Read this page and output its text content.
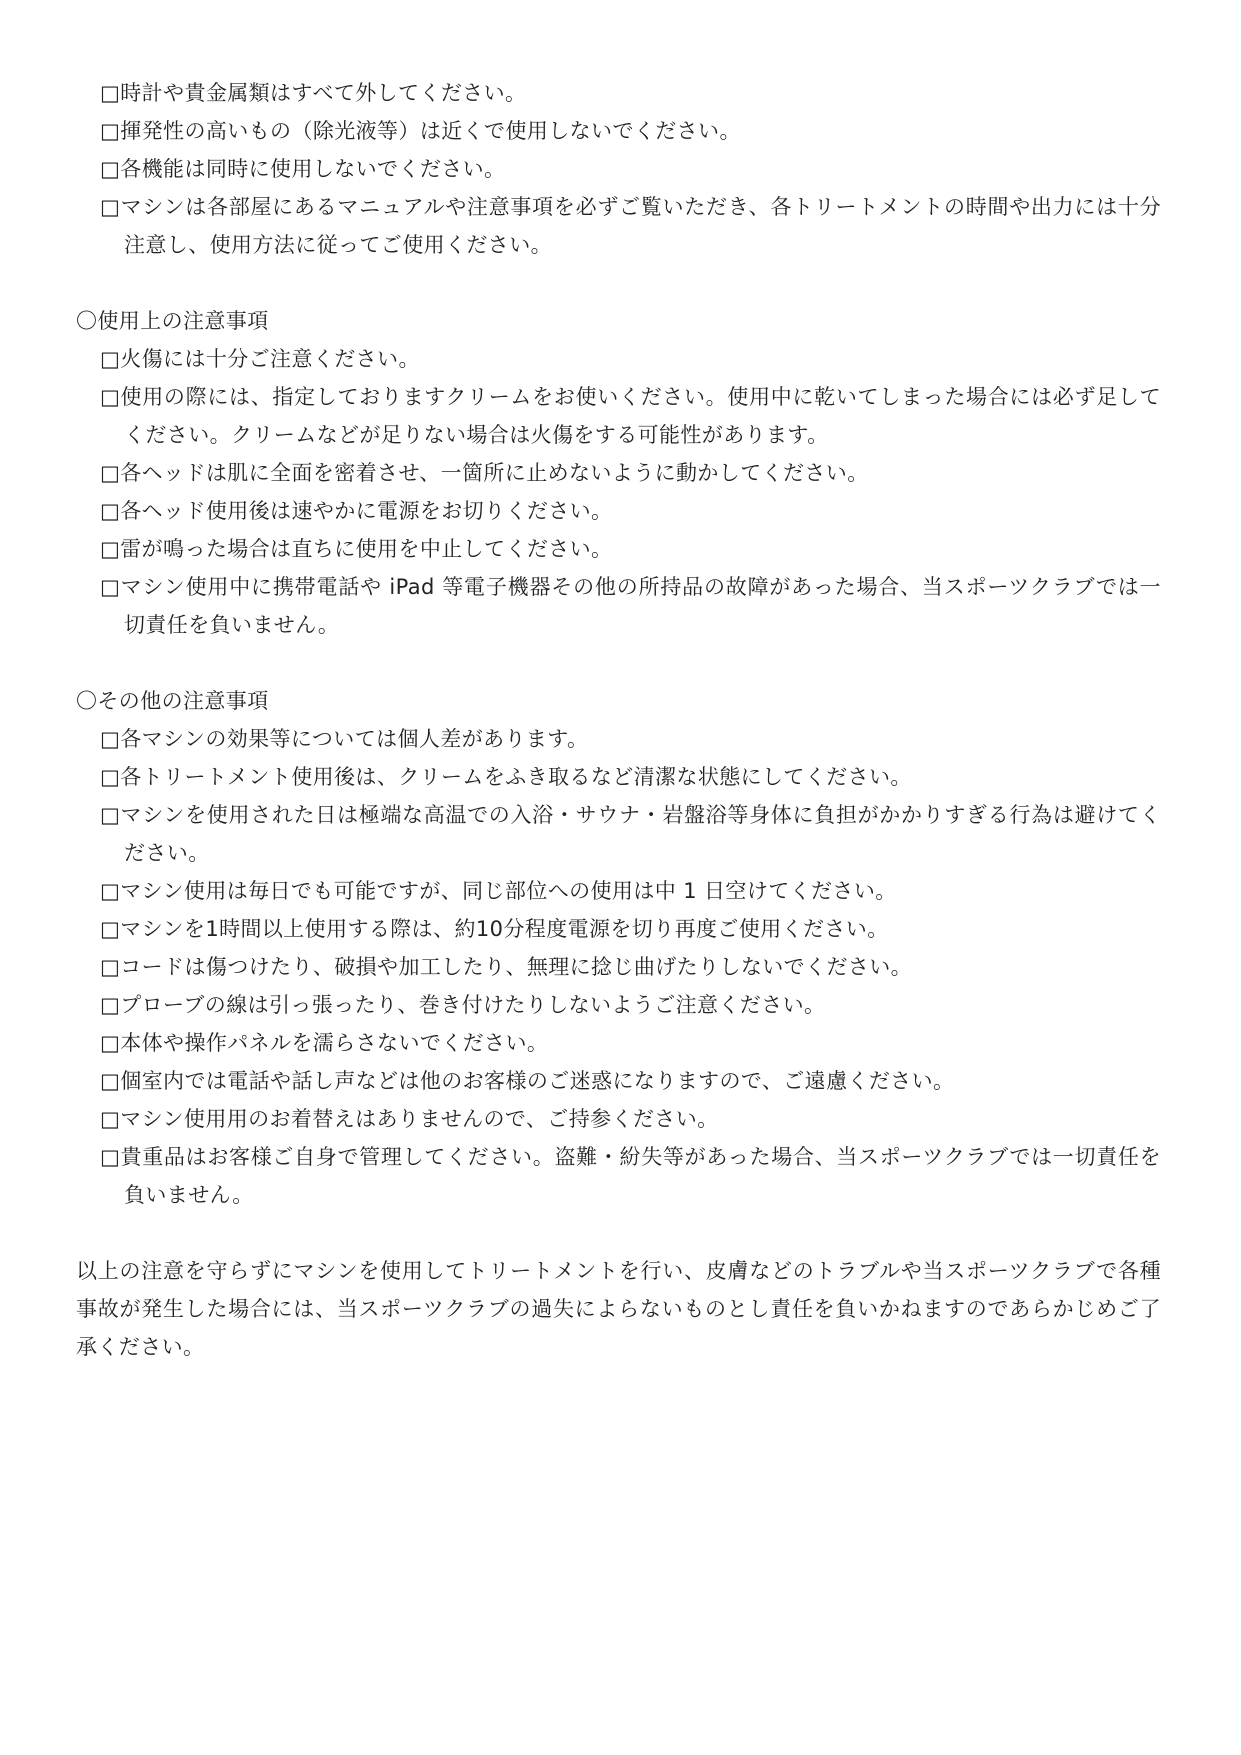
□時計や貴金属類はすべて外してください。
□揮発性の高いもの（除光液等）は近くで使用しないでください。
□各機能は同時に使用しないでください。
□マシンは各部屋にあるマニュアルや注意事項を必ずご覧いただき、各トリートメントの時間や出力には十分注意し、使用方法に従ってご使用ください。
〇使用上の注意事項
□火傷には十分ご注意ください。
□使用の際には、指定しておりますクリームをお使いください。使用中に乾いてしまった場合には必ず足してください。クリームなどが足りない場合は火傷をする可能性があります。
□各ヘッドは肌に全面を密着させ、一箇所に止めないように動かしてください。
□各ヘッド使用後は速やかに電源をお切りください。
□雷が鳴った場合は直ちに使用を中止してください。
□マシン使用中に携帯電話や iPad 等電子機器その他の所持品の故障があった場合、当スポーツクラブでは一切責任を負いません。
〇その他の注意事項
□各マシンの効果等については個人差があります。
□各トリートメント使用後は、クリームをふき取るなど清潔な状態にしてください。
□マシンを使用された日は極端な高温での入浴・サウナ・岩盤浴等身体に負担がかかりすぎる行為は避けてください。
□マシン使用は毎日でも可能ですが、同じ部位への使用は中 1 日空けてください。
□マシンを1時間以上使用する際は、約10分程度電源を切り再度ご使用ください。
□コードは傷つけたり、破損や加工したり、無理に捻じ曲げたりしないでください。
□プローブの線は引っ張ったり、巻き付けたりしないようご注意ください。
□本体や操作パネルを濡らさないでください。
□個室内では電話や話し声などは他のお客様のご迷惑になりますので、ご遠慮ください。
□マシン使用用のお着替えはありませんので、ご持参ください。
□貴重品はお客様ご自身で管理してください。盗難・紛失等があった場合、当スポーツクラブでは一切責任を負いません。

以上の注意を守らずにマシンを使用してトリートメントを行い、皮膚などのトラブルや当スポーツクラブで各種事故が発生した場合には、当スポーツクラブの過失によらないものとし責任を負いかねますのであらかじめご了承ください。
